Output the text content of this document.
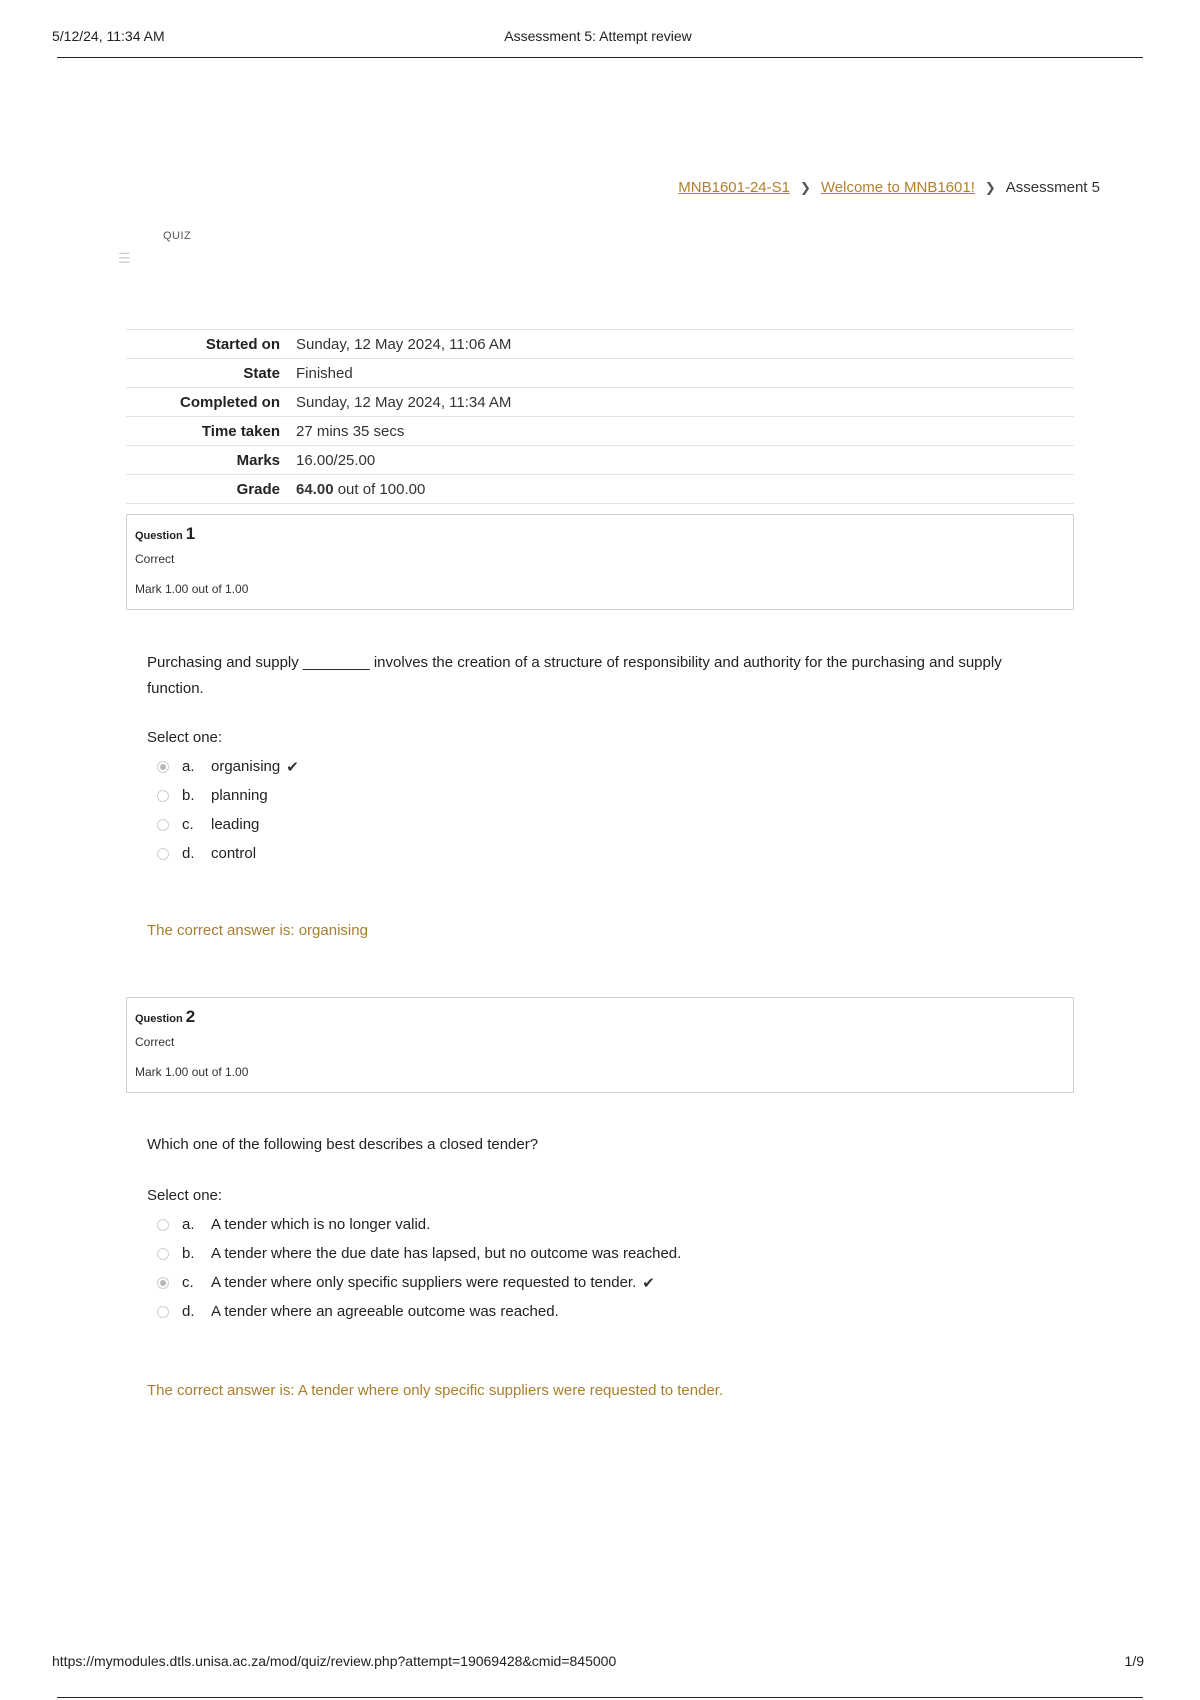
5/12/24, 11:34 AM	Assessment 5: Attempt review
MNB1601-24-S1 ❯ Welcome to MNB1601! ❯ Assessment 5
QUIZ
☰
Started on	Sunday, 12 May 2024, 11:06 AM
State	Finished
Completed on	Sunday, 12 May 2024, 11:34 AM
Time taken	27 mins 35 secs
Marks	16.00/25.00
Grade	64.00 out of 100.00
Question 1
Correct
Mark 1.00 out of 1.00
Purchasing and supply ________ involves the creation of a structure of responsibility and authority for the purchasing and supply function.
Select one:
a.	organising ✔
b.	planning
c.	leading
d.	control
The correct answer is: organising
Question 2
Correct
Mark 1.00 out of 1.00
Which one of the following best describes a closed tender?
Select one:
a.	A tender which is no longer valid.
b.	A tender where the due date has lapsed, but no outcome was reached.
c.	A tender where only specific suppliers were requested to tender. ✔
d.	A tender where an agreeable outcome was reached.
The correct answer is: A tender where only specific suppliers were requested to tender.
https://mymodules.dtls.unisa.ac.za/mod/quiz/review.php?attempt=19069428&cmid=845000	1/9
